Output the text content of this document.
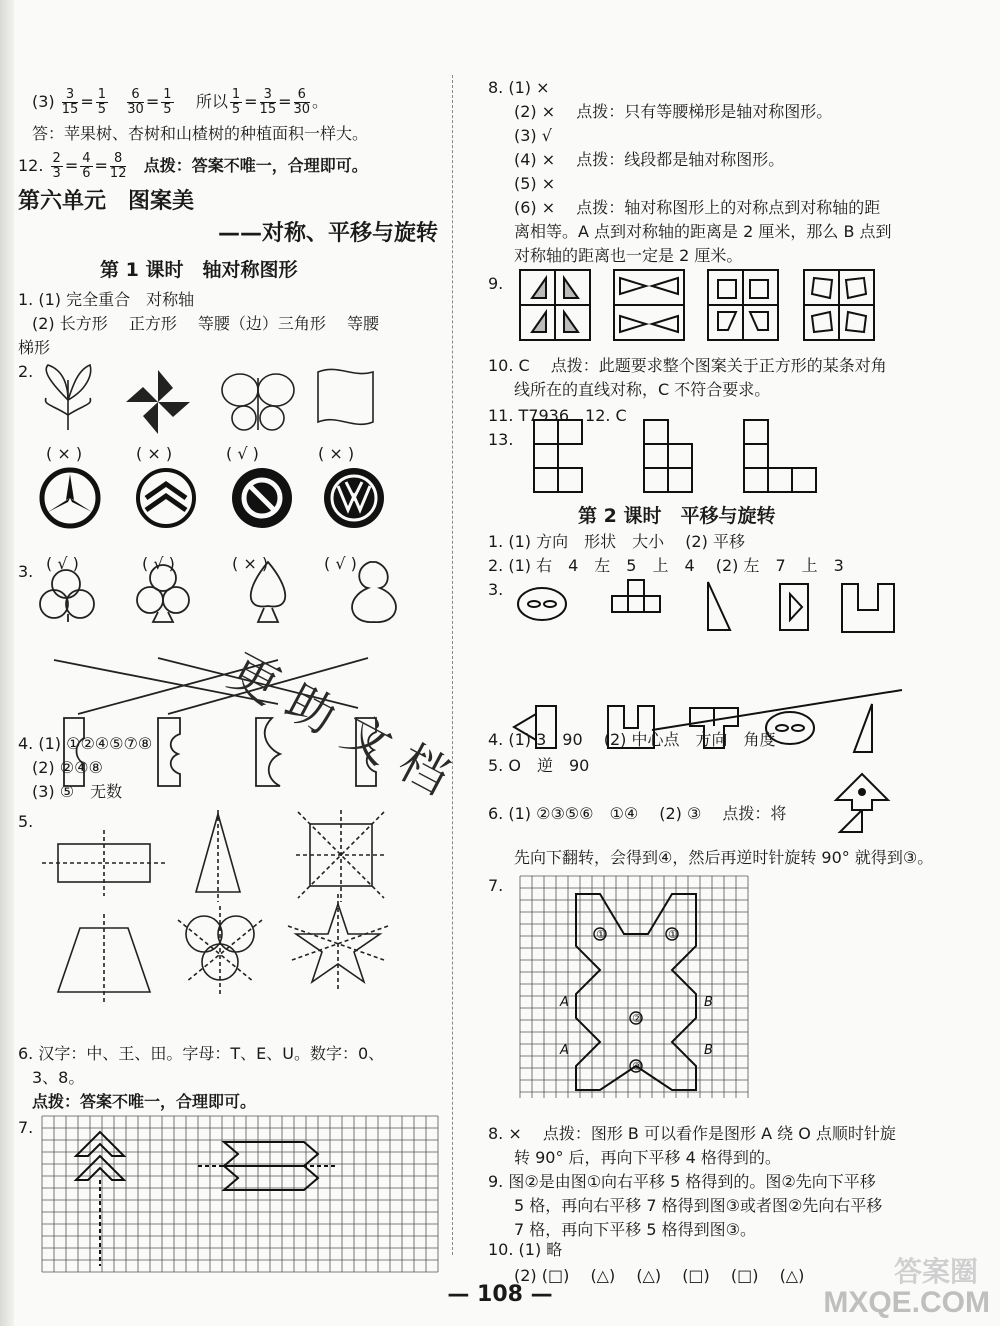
$(3) \frac{3}{15} = \frac{1}{5}$
$\frac{6}{30} = \frac{1}{5}$ 所以 $\frac{1}{5} = \frac{3}{15} = \frac{6}{30}$ 。
答：苹果树、杏树和山楂树的种植面积一样大。
12. $\frac{2}{3} = \frac{4}{6} = \frac{8}{12}$ 点拨：答案不唯一，合理即可。
第六单元　图案美
——对称、平移与旋转
第 1 课时　轴对称图形
1. (1) 完全重合　对称轴
(2) 长方形　 正方形　 等腰（边）三角形　 等腰
梯形
2.
( × )	( × )	( √ )	( × )
( √ )	( √ )	( × )	( √ )
3.
4. (1) ①②④⑤⑦⑧
(2) ②④⑧
(3) ⑤　无数
5.
6. 汉字：中、王、田。字母：T、E、U。数字：0、
3、8。
点拨：答案不唯一，合理即可。
7.
8. (1) ×
(2) ×　 点拨：只有等腰梯形是轴对称图形。
(3) √
(4) ×　 点拨：线段都是轴对称图形。
(5) ×
(6) ×　 点拨：轴对称图形上的对称点到对称轴的距
离相等。A 点到对称轴的距离是 2 厘米，那么 B 点到
对称轴的距离也一定是 2 厘米。
9.
10. C　 点拨：此题要求整个图案关于正方形的某条对角
线所在的直线对称，C 不符合要求。
11. T7936　12. C
13.
第 2 课时　平移与旋转
1. (1) 方向　形状　大小　 (2) 平移
2. (1) 右　4　左　5　上　4　 (2) 左　7　上　3
3.
4. (1) 3　90　 (2) 中心点　方向　角度
5. O　逆　90
6. (1) ②③⑤⑥　①④　 (2) ③　 点拨：将
先向下翻转，会得到④，然后再逆时针旋转 90° 就得到③。
7.
①	①
②
③
A	B
A	B
8. ×　 点拨：图形 B 可以看作是图形 A 绕 O 点顺时针旋
转 90° 后，再向下平移 4 格得到的。
9. 图②是由图①向右平移 5 格得到的。图②先向下平移
5 格，再向右平移 7 格得到图③或者图②先向右平移
7 格，再向下平移 5 格得到图③。
10. (1) 略
(2) (□)　 (△)　 (△)　 (□)　 (□)　 (△)
更助文档
— 108 —
答案圈
MXQE.COM
